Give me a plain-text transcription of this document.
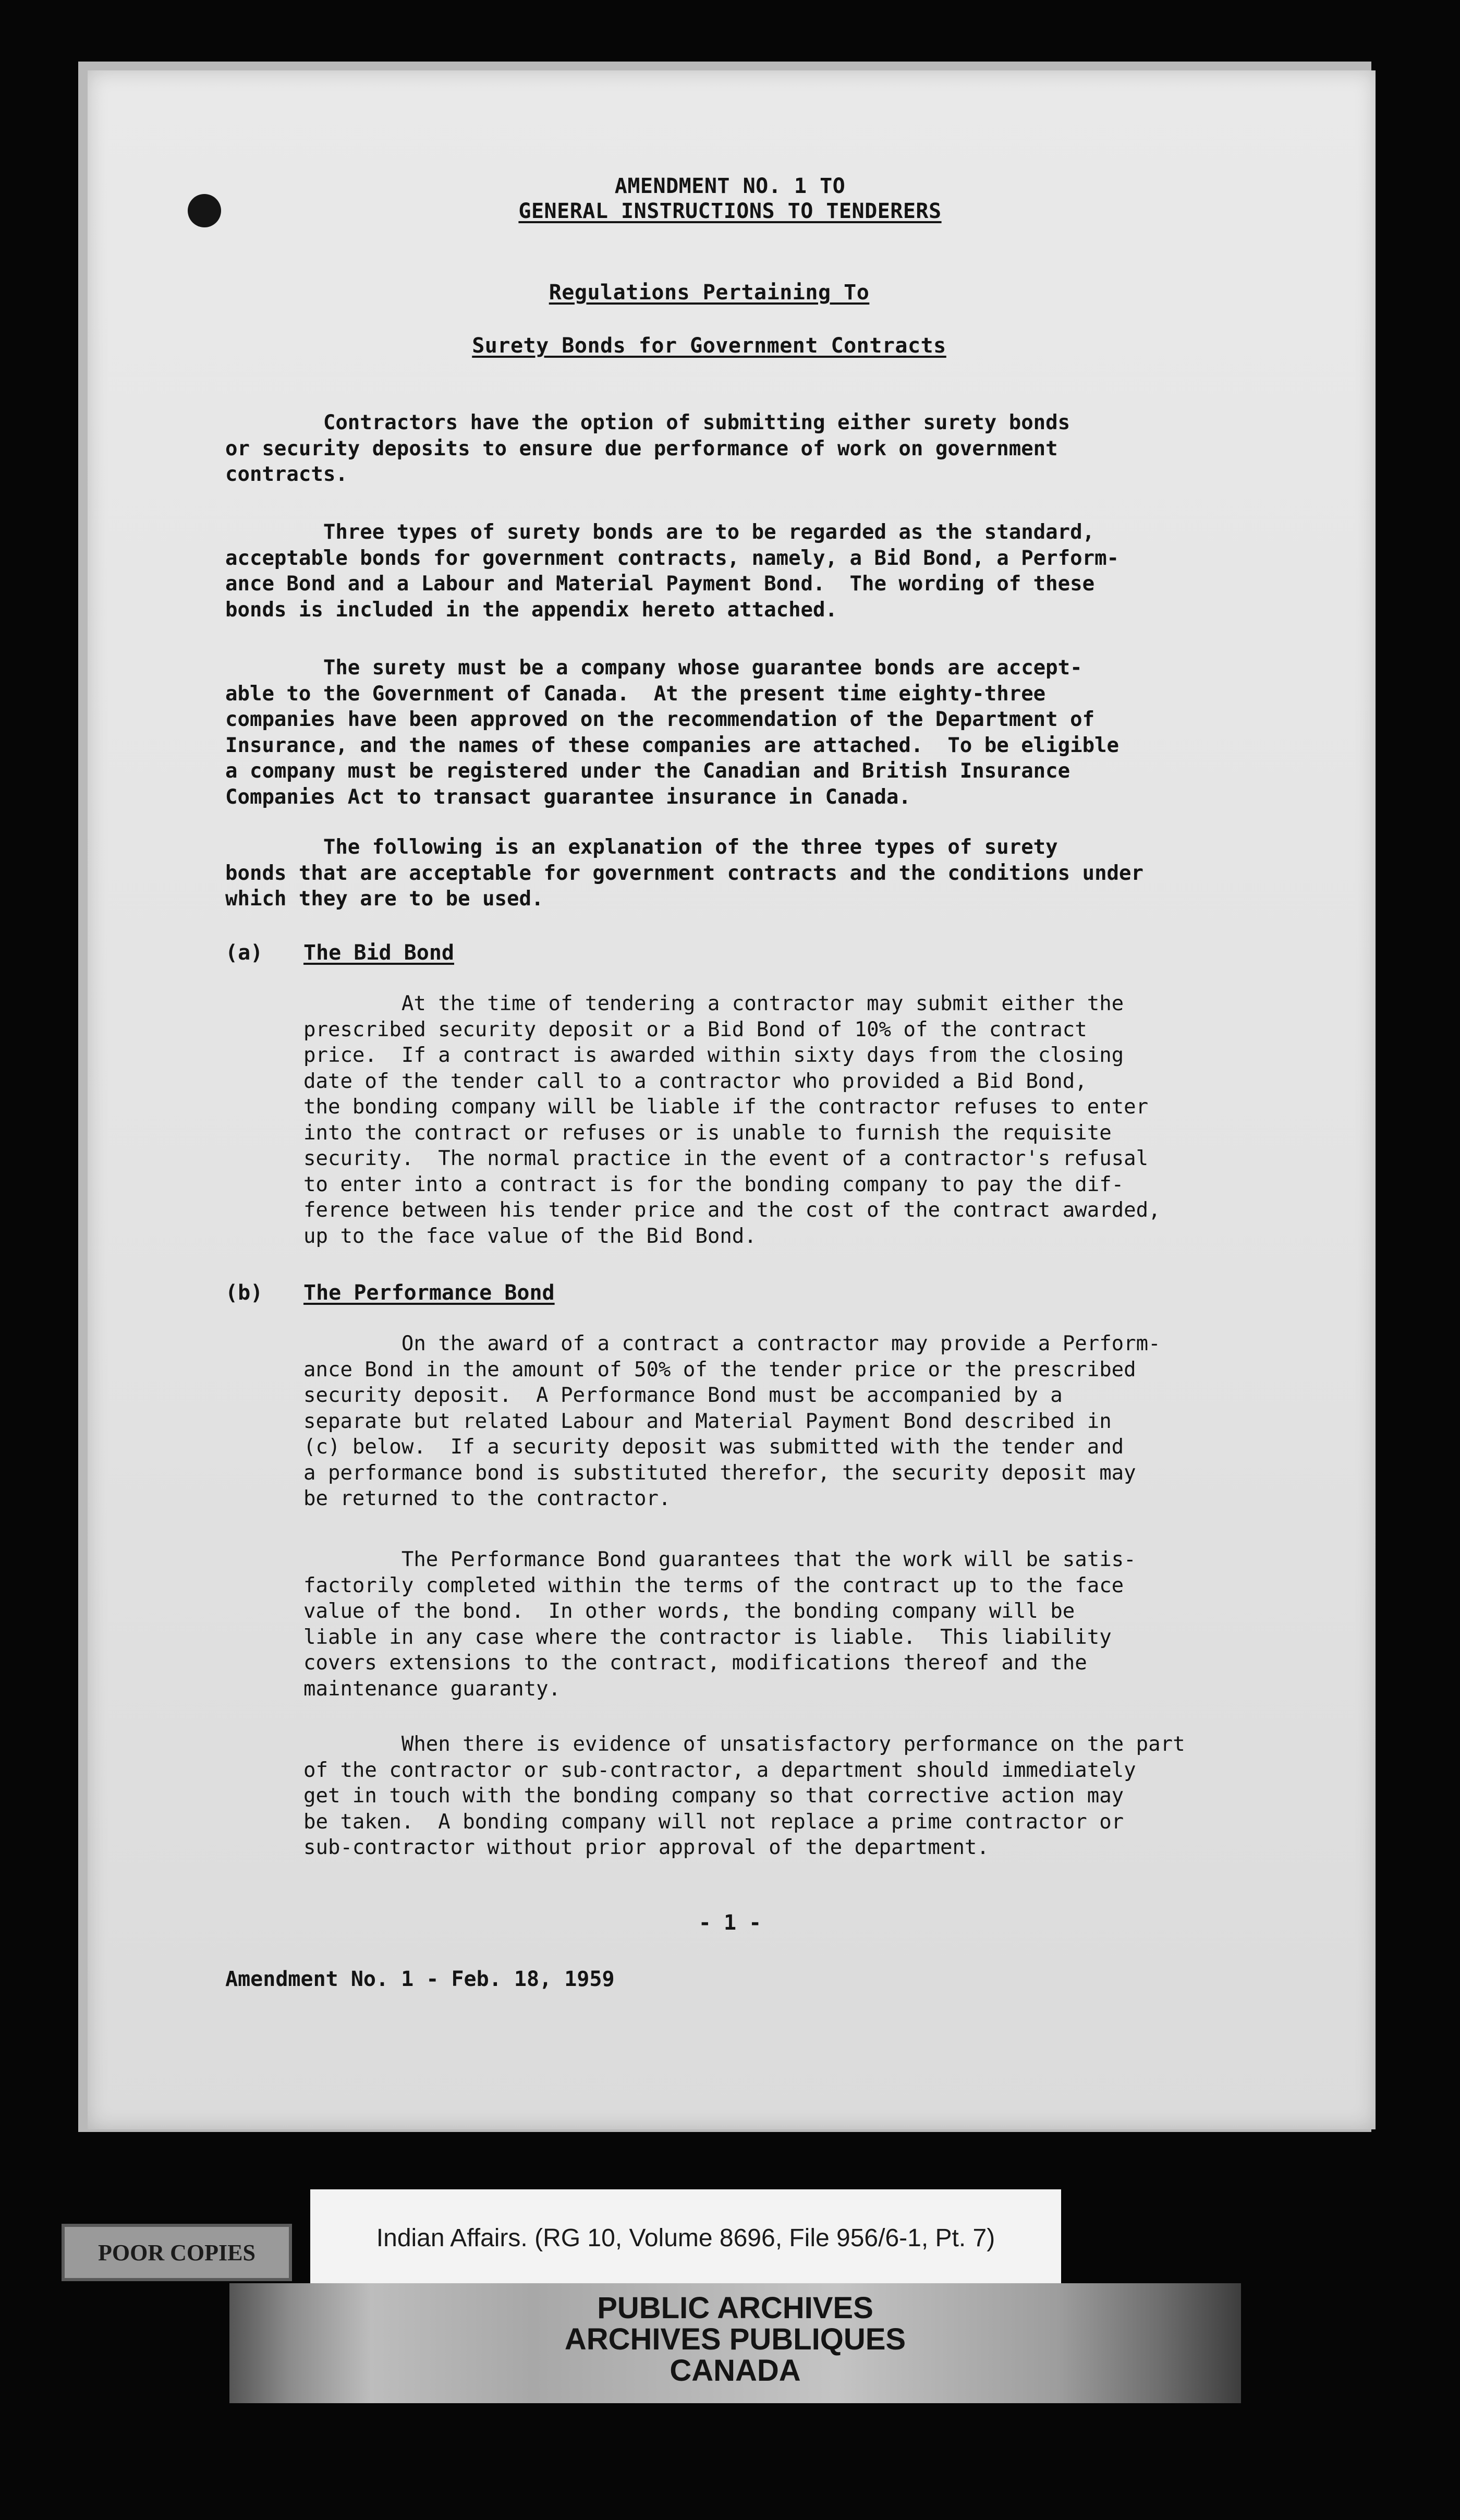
AMENDMENT NO. 1 TO
GENERAL INSTRUCTIONS TO TENDERERS
Regulations Pertaining To
Surety Bonds for Government Contracts
Contractors have the option of submitting either surety bonds
or security deposits to ensure due performance of work on government
contracts.
Three types of surety bonds are to be regarded as the standard,
acceptable bonds for government contracts, namely, a Bid Bond, a Perform-
ance Bond and a Labour and Material Payment Bond.  The wording of these
bonds is included in the appendix hereto attached.
The surety must be a company whose guarantee bonds are accept-
able to the Government of Canada.  At the present time eighty-three
companies have been approved on the recommendation of the Department of
Insurance, and the names of these companies are attached.  To be eligible
a company must be registered under the Canadian and British Insurance
Companies Act to transact guarantee insurance in Canada.
The following is an explanation of the three types of surety
bonds that are acceptable for government contracts and the conditions under
which they are to be used.
(a) The Bid Bond
At the time of tendering a contractor may submit either the
prescribed security deposit or a Bid Bond of 10% of the contract
price.  If a contract is awarded within sixty days from the closing
date of the tender call to a contractor who provided a Bid Bond,
the bonding company will be liable if the contractor refuses to enter
into the contract or refuses or is unable to furnish the requisite
security.  The normal practice in the event of a contractor's refusal
to enter into a contract is for the bonding company to pay the dif-
ference between his tender price and the cost of the contract awarded,
up to the face value of the Bid Bond.
(b) The Performance Bond
On the award of a contract a contractor may provide a Perform-
ance Bond in the amount of 50% of the tender price or the prescribed
security deposit.  A Performance Bond must be accompanied by a
separate but related Labour and Material Payment Bond described in
(c) below.  If a security deposit was submitted with the tender and
a performance bond is substituted therefor, the security deposit may
be returned to the contractor.
The Performance Bond guarantees that the work will be satis-
factorily completed within the terms of the contract up to the face
value of the bond.  In other words, the bonding company will be
liable in any case where the contractor is liable.  This liability
covers extensions to the contract, modifications thereof and the
maintenance guaranty.
When there is evidence of unsatisfactory performance on the part
of the contractor or sub-contractor, a department should immediately
get in touch with the bonding company so that corrective action may
be taken.  A bonding company will not replace a prime contractor or
sub-contractor without prior approval of the department.
- 1 -
Amendment No. 1 - Feb. 18, 1959
POOR COPIES
Indian Affairs. (RG 10, Volume 8696, File 956/6-1, Pt. 7)
PUBLIC ARCHIVES
ARCHIVES PUBLIQUES
CANADA
